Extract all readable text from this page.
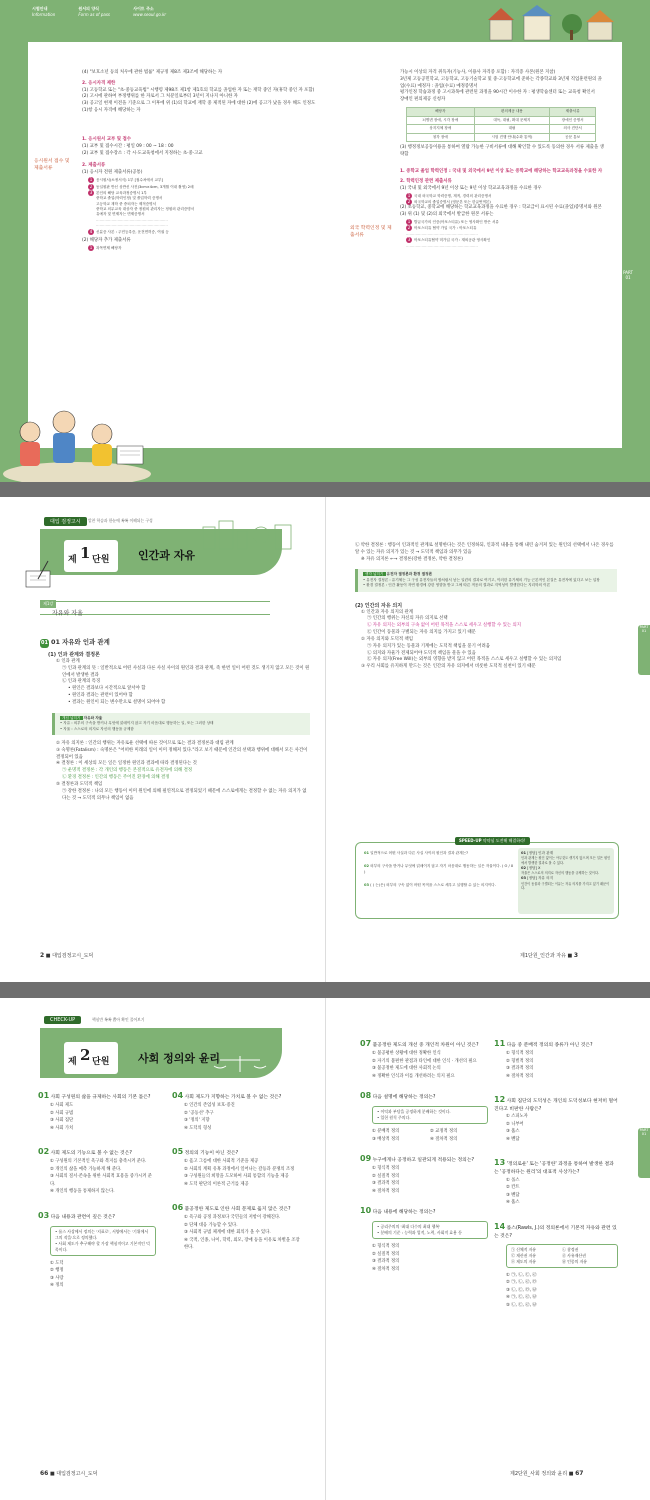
시험안내
Information 원서의 양식
Form as of pass 사이트 주소
www.seoul.go.kr
(4) "보호소년 등의 처우에 관한 법률" 제규정 제8조 제3조에 해당하는 자
2. 응시자격 제한
(1) 고등학교 또는 "초·중등교육법" 시행령 제98조 제1항 제1호의 학교를 졸업한 자 또는 재학 중인 자(휴학 중인 자 포함)
(2) 고시에 관하여 부정행위를 한 자로서 그 처분일로부터 3년이 지나지 아니한 자
(3) 공고일 현재 이전을 기준으로 그 이후에 위 (1)의 학교에 재학 중 제적된 자에 대한 (2)에 공고가 났을 경우 해도 인정도 (1)항 응시 자격에 해당하는 자
1. 응시원서 교부 및 접수
(1) 교부 및 접수시간 : 평일 09 : 00 ~ 18 : 00
(2) 교부 및 접수장소 : 각 시·도교육청에서 지정하는 초·중·고교
2. 제출서류
(1) 응시자 전원 제출서류(공통)
1 응시원서(소정서식) 1부 [접수처에서 교부]
2 동일원판 반신 상반신 사진(3cm×4cm, 3개월 이내 촬영) 2매
3 본인의 해당 교육과정증명서 1부
중학교 졸업(학력인정) 및 졸업학력 증명서
고등학교 재학 중 중퇴자는 제적증명서
중학교 의무교육 대상자 중 정원외 관리자는 정원외 관리증명서
유예자 및 면제자는 면제증명서
……………………………………………………
……………………………………………………
4 신분증 사본 : 주민등록증, 운전면허증, 여권 등
(2) 해당자 추가 제출서류
1 과목면제 해당자
응시원서 접수 및 제출서류
가능시 이상의 자격 취득자(기능사, 이용사 자격증 포함) : 자격증 사본(원본 지참)
3년제 고등공민학교, 고등학교, 고등기술학교 및 중·고등학교에 준하는 각종학교와 3년제 직업훈련원의 졸업(수료) 예정자 : 졸업(수료) 예정증명서
평가인정 학습과정 중 고시과목에 관련된 과정을 90시간 이수한 자 : 평생학습센터 또는 교육청 확인서
장애인 편의제공 신청자
해당자	편의제공 내용	제출서류
뇌병변 장애, 시각 장애	대독, 대필, 확대 문제지	장애인 증명서
상지지체 장애	대필	의사 진단서
청각 장애	시험 진행 안내(수화 통역)	공문 통보
(3) 행정정보공동이용을 통하여 열람 가능한 구비서류에 대해 확인할 수 있도록 동의한 경우 서류 제출을 생략함
1. 중학교 졸업 학력인정 : 국내 및 외국에서 9년 이상 또는 중학교에 해당하는 학교교육과정을 수료한 자
2. 학력인정 관련 제출서류
(1) 국내 및 외국에서 9년 이상 또는 9년 이상 학교교육과정을 수료한 경우
1 국내 외국학교 학력증명, 재적, 경력의 관리증명서
2 외국학교의 졸업증명서 (영문본 또는 한글번역본)
(2) 초등학교, 중학교에 해당하는 학교교육과정을 수료한 경우 : 학교급이 표시된 수료(졸업)증명서와 원본
(3) 위 (1) 및 (2)의 외국에서 발급한 원본 서류는
1 발급국가의 인증(아포스티유) 또는 영사확인 받은 서류
2 아포스티유 협약 가입 국가 : 아포스티유
……………………………………………………
3 아포스티유협약 미가입 국가 : 재외공관 영사확인
……………………………………………………
외국 학력인정 및 제출서류
PART
01
대입 검정고시	알찬 학습과 한눈에 쏙쏙 이해되는 구성
제 1 단원	인간과 자유
제1강
자유와 자율
01 01 자유와 인과 관계
(1) 인과 관계와 결정론
① 인과 관계
㉠ 인과 관계의 뜻 : 일반적으로 어떤 사실과 다른 사실 사이의 원인과 결과 관계, 즉 한번 일이 어떤 것도 생기지 않고 모든 것이 원인에서 발생한 결과
㉡ 인과 관계의 특징
• 원인은 결과보다 시간적으로 앞서야 함
• 원인과 결과는 관련이 있어야 함
• 결과는 원인이 되는 변수만으로 설명이 되어야 함
개념 넓히기 자유와 자율
• 자유 : 외부의 구속을 받거나 무엇에 얽매이지 않고 자기 마음대로 행동하는 일, 또는 그러한 상태
• 자율 : 스스로의 의지로 자신의 행동을 규제함
② 자유 의지론 : 인간의 행위는 자유로운 선택에 따른 것이므로 또는 결과 결정론과 대립 관계
③ 숙명론(Fatalism) : 숙명론은 "어떠한 미래의 일이 이미 정해져 있다."라고 보기 때문에 인간의 선택과 행위에 대해서 모든 사건이 결정되어 있음
④ 결정론 : 이 세상의 모든 일은 일정한 원인과 결과에 따라 결정된다는 것
㉠ 운명적 결정론 : 각 개인의 행동은 본질적으로 유전자에 의해 결정
㉡ 환경 결정론 : 인간의 행동은 주어진 환경에 의해 결정
⑤ 결정론과 도덕적 책임
㉠ 강한 결정론 : 나의 모든 행동이 이미 원인에 의해 필연적으로 결정되었기 때문에 스스로에게는 결정할 수 없는 자유 의지가 없다는 것 → 도덕적 의무나 책임이 없음
㉡ 약한 결정론 : 행동이 인과적인 관계로 설명한다는 것은 인정하되, 인과적 내용을 통해 내린 숨겨져 있는 원인의 선택에서 나온 경우를 알 수 있는 자유 의지가 있는 것 → 도덕적 책임과 의무가 있음
※ 자유 의지론 ←→ 결정론(강한 결정론, 약한 결정론)
생각 넓히기 유전자 결정론과 환경 결정론
• 유전자 결정론 : 유기체는 그 구성 유전자들의 합처럼서 낳는 일련의 결과로 여기고, 이러한 유기체의 기능 근본적인 본질은 유전자에 있다고 보는 입장
• 환경 결정론 : 인간 활동이 자연 환경에 강한 영향을 받고 그에 따른 적응의 결과로 지역성이 발생한다는 지리학의 이론
(2) 인간의 자유 의지
① 인간과 자유 의지의 관계
㉠ 인간의 행위는 자신의 자유 의지로 선택
㉡ 자유 의지는 외부의 구속 없이 어떤 목적을 스스로 세우고 실행할 수 있는 의지
㉢ 인간이 동물과 구별되는 자유 의지를 가지고 있기 때문
② 자유 의지와 도덕적 책임
㉠ 자유 의지가 있는 동물과 기계에는 도덕적 책임을 묻기 어려움
㉡ 의지와 자율가 전제되어야 도덕적 책임을 물을 수 있음
㉢ 자유 의지(Free Will)는 외부의 영향을 받지 않고 어떤 목적을 스스로 세우고 실행할 수 있는 의지임
③ 우리 사회를 유지하게 만드는 것은 인간의 자유 의지에서 비롯한 도덕적 실천이 있기 때문
01 일반적으로 어떤 사실과 다른 사실 사이의 원인과 결과 관계는?
02 외부의 구속을 받거나 무엇에 얽매이지 않고 자기 마음대로 행동하는 일은 자율이다. ( O / X )
03 ( ) 는(은) 외부의 구속 없이 어떤 목적을 스스로 세우고 실행할 수 있는 의지이다.
01 [정답] 인과 관계
인과 관계는 원인 없이는 아무것도 생기지 않으며 모든 일은 원인에서 발생한 결과로 볼 수 있다.
02 [정답] X
자율은 스스로의 의지로 자신의 행동을 규제하는 것이다.
03 [정답] 자유 의지
인간이 동물과 구별되는 이유는 자유 의지를 가지고 있기 때문이다.
SPEED-UP 약약심 도전해 해결하라!
PART 01
2 ■ 대입검정고시_도덕	제1단원_인간과 자유 ■ 3
CHECK-UP	핵심만 쏙쏙 뽑아 확인 풀어보기
제 2 단원	사회 정의와 윤리
01 사회 구성원의 삶을 규제하는 사회의 기본 틀은?
① 사회 제도
② 사회 규범
③ 사회 집단
④ 사회 가치
02 사회 제도의 기능으로 볼 수 없는 것은?
① 구성원의 기본적인 욕구와 복지를 충족시켜 준다.
② 개인의 삶을 예측 가능하게 해 준다.
③ 사회의 질서·존속을 위한 사회적 효용을 증가시켜 준다.
④ 개인의 행동을 통제하지 않는다.
03 다음 내용과 관련이 깊은 것은?
• 롤스 사상에서 정의는 '지표로', 서양에서는 '기위에서 그의 작을'으로 정의했다.
• 사회 제도가 추구해야 할 가장 핵심적이고 기본적인 덕목이다.
① 도덕
② 행정
③ 사랑
④ 정의
04 사회 제도가 지향하는 가치로 볼 수 없는 것은?
① 인간의 존엄성 보호·증진
② '공동선' 추구
③ '정의' 지향
④ 도덕의 형성
05 정의의 기능이 아닌 것은?
① 옳고 그름에 대한 사회적 기준을 제공
② 사회의 계획 유혹 과정에서 일어나는 갈등과 분쟁의 조정
③ 구성원들의 희망을 도모하여 사회 통합의 기능을 제공
④ 도덕 판단의 이론적 근거를 제공
06 불공정한 제도로 인한 사회 문제로 옳지 않은 것은?
① 욕구와 공정 과정보다 국민들의 저항이 강해진다.
② 단체 대응 가능할 수 있다.
③ 사회적 규범 체계에 대한 회의가 올 수 있다.
④ 국적, 인종, 나이, 학력, 외모, 장애 등을 이유로 차별을 조장한다.
07 불공정한 제도의 개선 중 개인적 차원이 아닌 것은?
① 불공평한 상황에 대한 정확한 인식
② 자기의 불편한 관점과 타인에 대한 인식 · 개선의 필요
③ 불공정한 제도에 대한 사회적 논의
④ 정확한 인식과 이를 개선하려는 의지 필요
08 다음 설명에 해당하는 정의는?
• 이익과 부담을 공정하게 분배하는 것이다.
• 입헌 원칙 주의다.
① 분배적 정의	② 교정적 정의
③ 배상적 정의	④ 절차적 정의
09 누구에게나 공정하고 일관되게 적용되는 정의는?
① 형식적 정의
② 실질적 정의
③ 결과적 정의
④ 절차적 정의
10 다음 내용에 해당하는 정의는?
• 공리주의의 '최대 다수의 최대 행복'
• 분배의 기준 : 능력과 업적, 노력, 사회적 효용 등
① 형식적 정의
② 실질적 정의
③ 결과적 정의
④ 절차적 정의
11 다음 중 분배적 정의의 종류가 아닌 것은?
① 형식적 정의
② 형벌적 정의
③ 결과적 정의
④ 절차적 정의
12 사회 집단의 도덕성은 개인의 도덕성보다 현저히 떨어진다고 비판한 사람은?
① 스피노자
② 니부어
③ 홉스
④ 벤담
13 '정의로운' 또는 '공정한' 과정을 통하여 발생한 결과는 '공정하다는 원리'의 대표적 사상가는?
① 롤스
② 칸트
③ 벤담
④ 홉스
14 롤스(Rawls, J.)의 정의론에서 기본적 자유와 관련 있는 것은?
㉠ 신체적 자유	㉡ 참정권
㉢ 재산권 자유	㉣ 사유재산권
㉤ 제도의 자유	㉥ 인종의 자유
① ㉠, ㉡, ㉢, ㉣
② ㉠, ㉡, ㉣, ㉤
③ ㉡, ㉢, ㉤, ㉥
④ ㉠, ㉢, ㉣, ㉥
⑤ ㉡, ㉢, ㉣, ㉥
PART 01
66 ■ 대입검정고시_도덕	제2단원_사회 정의와 윤리 ■ 67
